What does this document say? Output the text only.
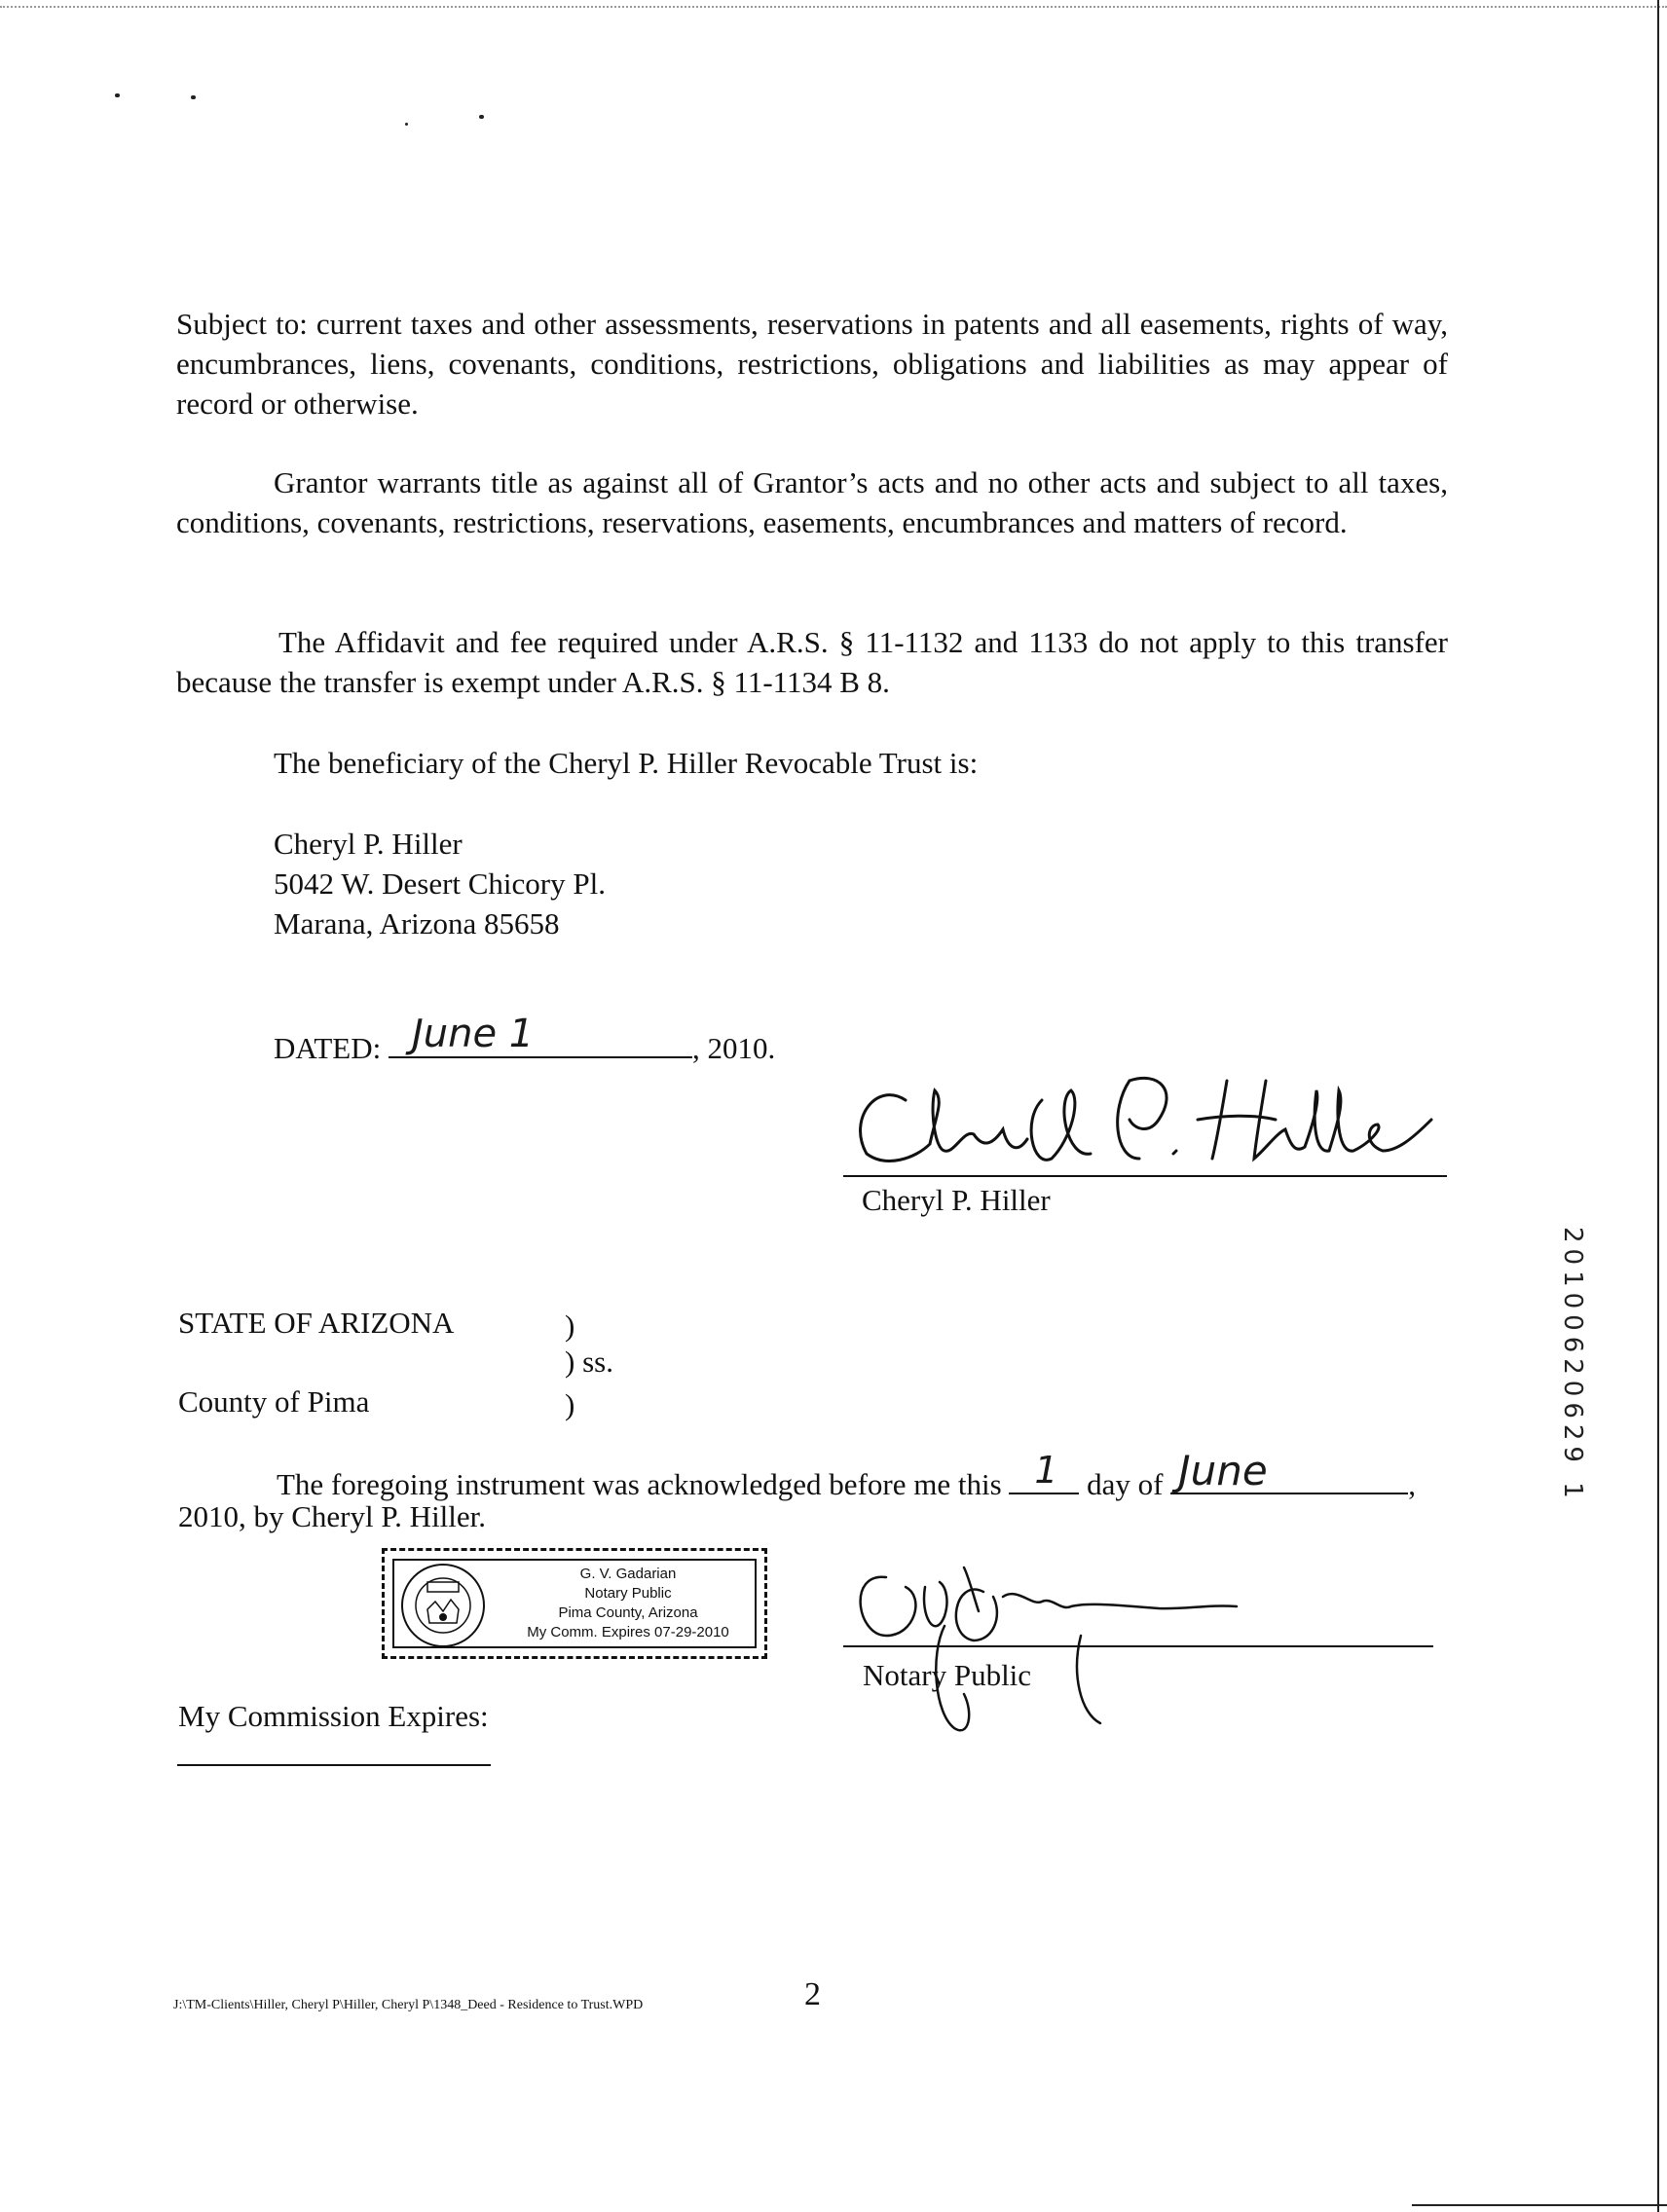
Subject to: current taxes and other assessments, reservations in patents and all easements, rights of way, encumbrances, liens, covenants, conditions, restrictions, obligations and liabilities as may appear of record or otherwise.

Grantor warrants title as against all of Grantor’s acts and no other acts and subject to all taxes, conditions, covenants, restrictions, reservations, easements, encumbrances and matters of record.

The Affidavit and fee required under A.R.S. § 11-1132 and 1133 do not apply to this transfer because the transfer is exempt under A.R.S. § 11-1134 B 8.

The beneficiary of the Cheryl P. Hiller Revocable Trust is:
Cheryl P. Hiller
5042 W. Desert Chicory Pl.
Marana, Arizona 85658
DATED: June 1	, 2010.
Cheryl P. Hiller
STATE OF ARIZONA	)
) ss.
County of Pima	)
The foregoing instrument was acknowledged before me this 1 day of June	,
2010, by Cheryl P. Hiller.
G. V. Gadarian
Notary Public
Pima County, Arizona
My Comm. Expires 07-29-2010
Notary Public
My Commission Expires:
20100620629 1
J:\TM-Clients\Hiller, Cheryl P\Hiller, Cheryl P\1348_Deed - Residence to Trust.WPD	2
